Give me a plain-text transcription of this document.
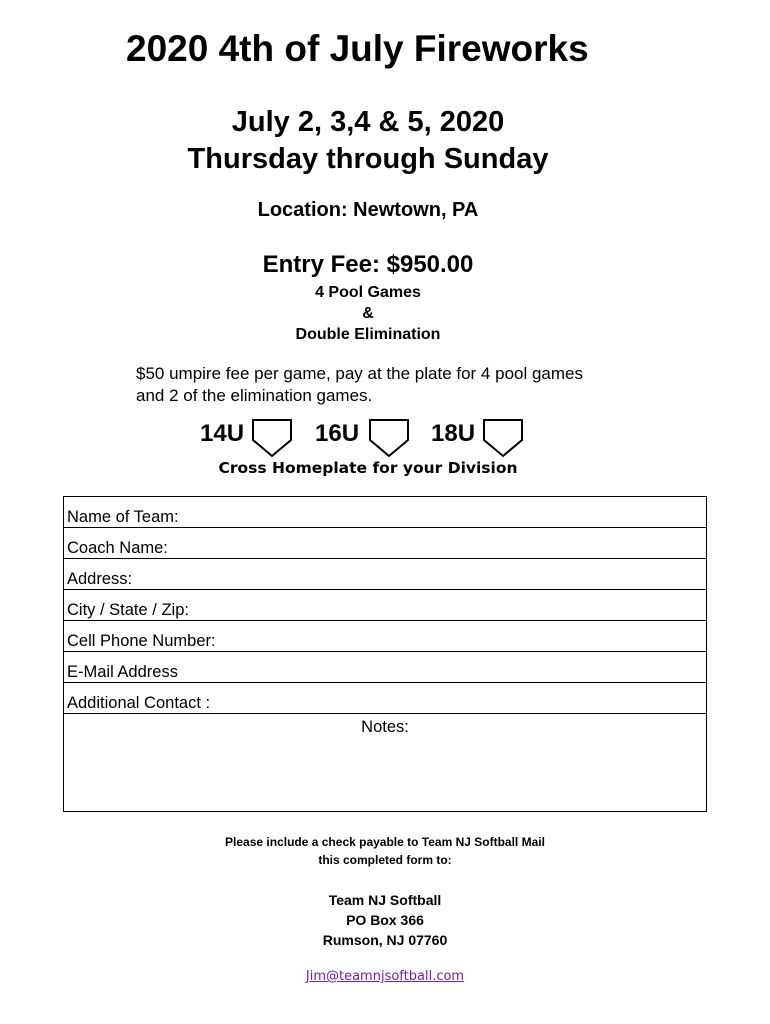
2020 4th of July Fireworks
July 2, 3,4 & 5, 2020
Thursday through Sunday
Location: Newtown, PA
Entry Fee: $950.00
4 Pool Games
&
Double Elimination
$50 umpire fee per game, pay at the plate for 4 pool games
and 2 of the elimination games.
14U	16U	18U
Cross Homeplate for your Division
Name of Team:
Coach Name:
Address:
City / State / Zip:
Cell Phone Number:
E-Mail Address
Additional Contact :
Notes:
Please include a check payable to Team NJ Softball Mail
this completed form to:
Team NJ Softball
PO Box 366
Rumson, NJ 07760
Jim@teamnjsoftball.com
